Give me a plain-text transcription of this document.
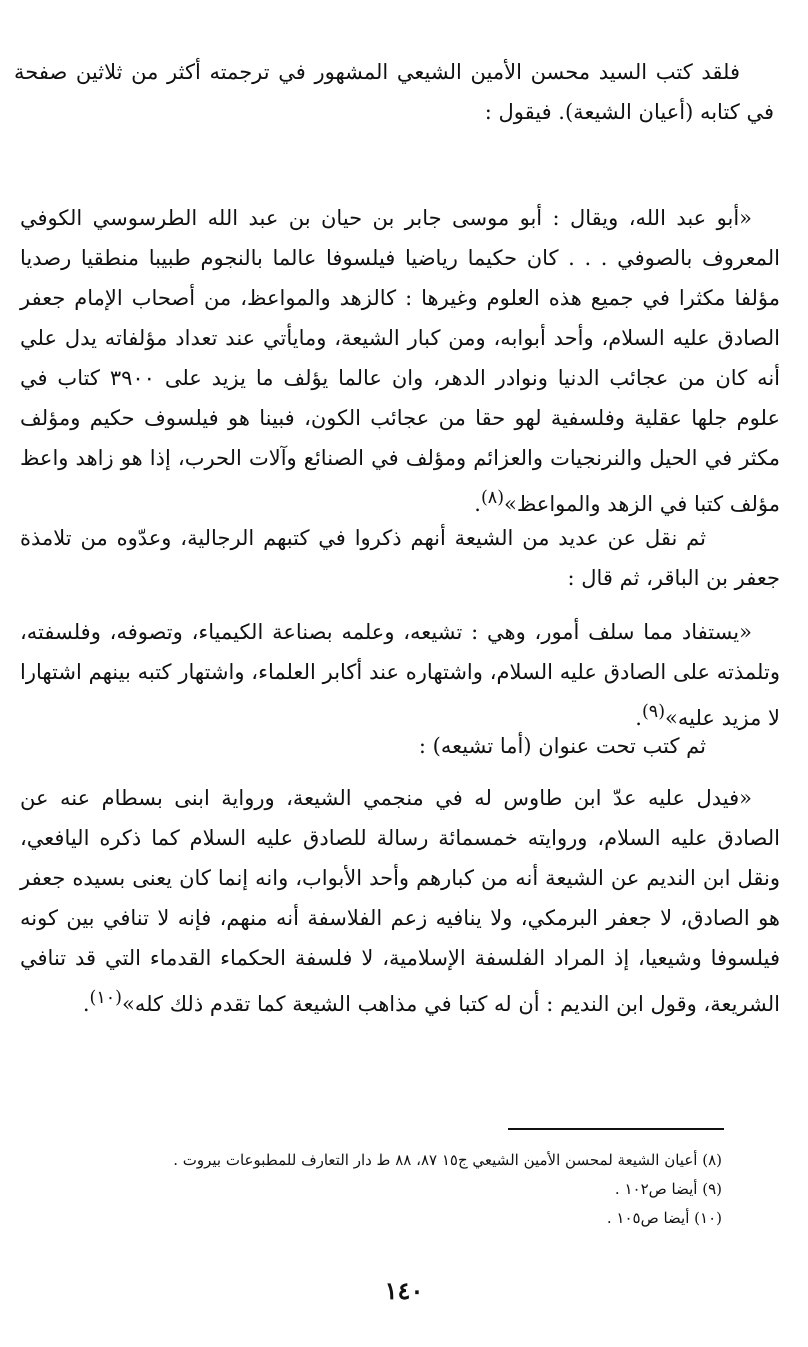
فلقد كتب السيد محسن الأمين الشيعي المشهور في ترجمته أكثر من ثلاثين صفحة في كتابه (أعيان الشيعة). فيقول :

«أبو عبد الله، ويقال : أبو موسى جابر بن حيان بن عبد الله الطرسوسي الكوفي المعروف بالصوفي . . . كان حكيما رياضيا فيلسوفا عالما بالنجوم طبيبا منطقيا رصديا مؤلفا مكثرا في جميع هذه العلوم وغيرها : كالزهد والمواعظ، من أصحاب الإمام جعفر الصادق عليه السلام، وأحد أبوابه، ومن كبار الشيعة، ومايأتي عند تعداد مؤلفاته يدل علي أنه كان من عجائب الدنيا ونوادر الدهر، وان عالما يؤلف ما يزيد على ٣٩٠٠ كتاب في علوم جلها عقلية وفلسفية لهو حقا من عجائب الكون، فبينا هو فيلسوف حكيم ومؤلف مكثر في الحيل والنرنجيات والعزائم ومؤلف في الصنائع وآلات الحرب، إذا هو زاهد واعظ مؤلف كتبا في الزهد والمواعظ»$^{(٨)}$.

ثم نقل عن عديد من الشيعة أنهم ذكروا في كتبهم الرجالية، وعدّوه من تلامذة جعفر بن الباقر، ثم قال :

«يستفاد مما سلف أمور، وهي : تشيعه، وعلمه بصناعة الكيمياء، وتصوفه، وفلسفته، وتلمذته على الصادق عليه السلام، واشتهاره عند أكابر العلماء، واشتهار كتبه بينهم اشتهارا لا مزيد عليه»$^{(٩)}$.

ثم كتب تحت عنوان (أما تشيعه) :

«فيدل عليه عدّ ابن طاوس له في منجمي الشيعة، ورواية ابنى بسطام عنه عن الصادق عليه السلام، وروايته خمسمائة رسالة للصادق عليه السلام كما ذكره اليافعي، ونقل ابن النديم عن الشيعة أنه من كبارهم وأحد الأبواب، وانه إنما كان يعنى بسيده جعفر هو الصادق، لا جعفر البرمكي، ولا ينافيه زعم الفلاسفة أنه منهم، فإنه لا تنافي بين كونه فيلسوفا وشيعيا، إذ المراد الفلسفة الإسلامية، لا فلسفة الحكماء القدماء التي قد تنافي الشريعة، وقول ابن النديم : أن له كتبا في مذاهب الشيعة كما تقدم ذلك كله»$^{(١٠)}$.

(٨) أعيان الشيعة لمحسن الأمين الشيعي ج١٥ ٨٧، ٨٨ ط دار التعارف للمطبوعات بيروت .
(٩) أيضا ص١٠٢ .
(١٠) أيضا ص١٠٥ .
١٤٠
